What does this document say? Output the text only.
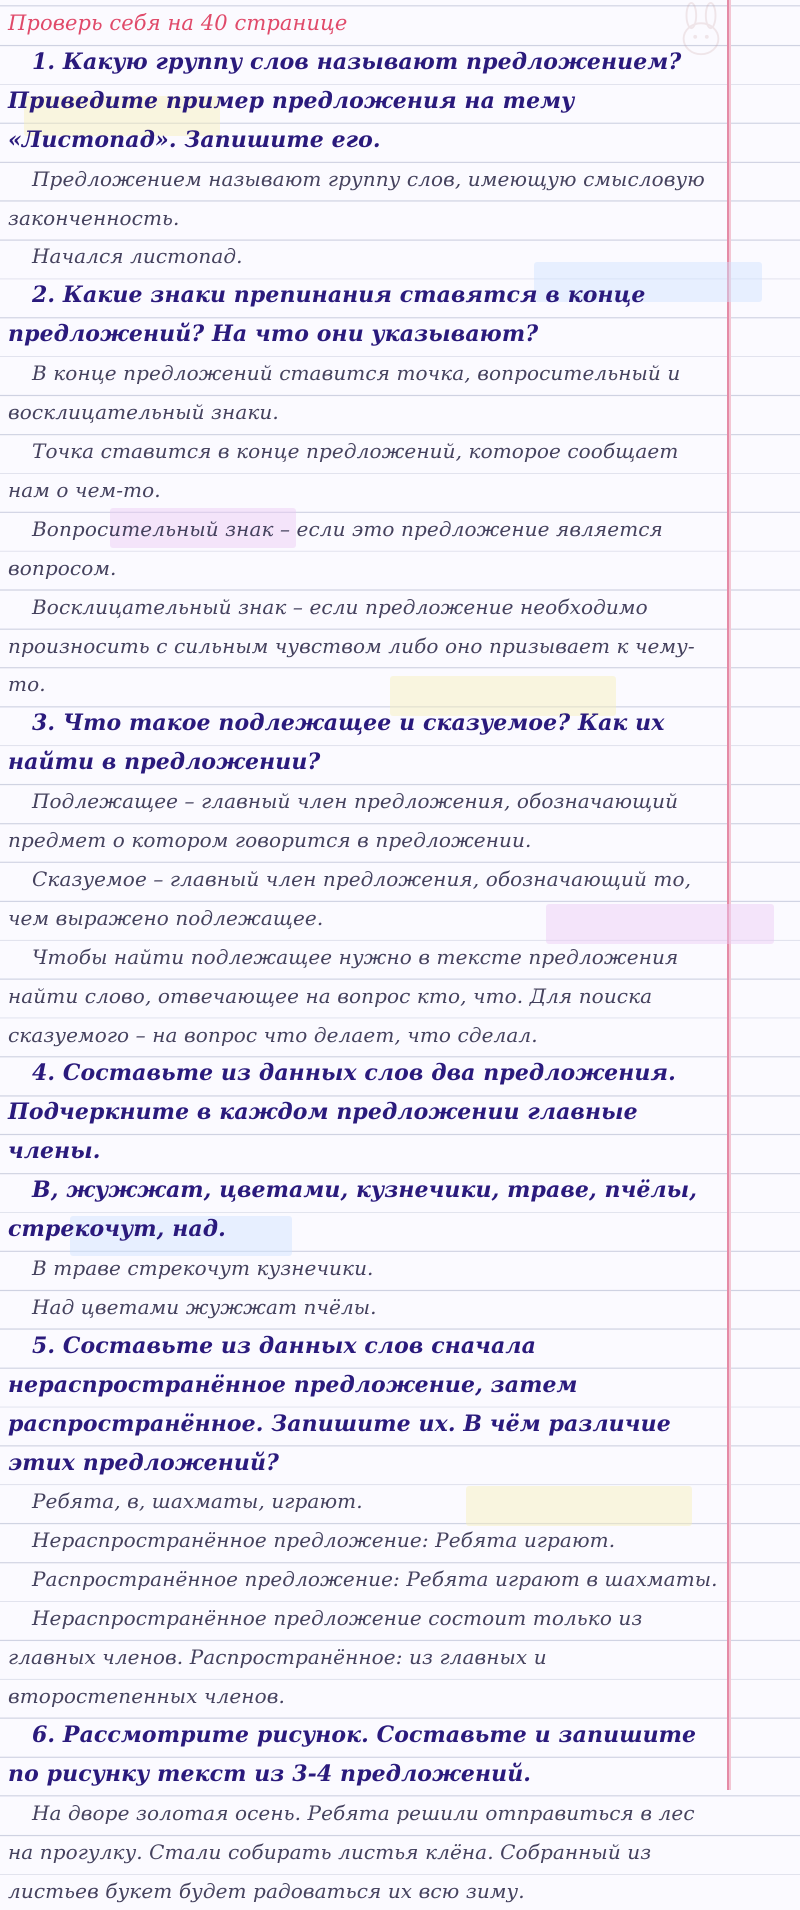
Проверь себя на 40 странице

1. Какую группу слов называют предложением? Приведите пример предложения на тему «Листопад». Запишите его.

Предложением называют группу слов, имеющую смысловую законченность.

Начался листопад.

2. Какие знаки препинания ставятся в конце предложений? На что они указывают?

В конце предложений ставится точка, вопросительный и восклицательный знаки.

Точка ставится в конце предложений, которое сообщает нам о чем-то.

Вопросительный знак – если это предложение является вопросом.

Восклицательный знак – если предложение необходимо произносить с сильным чувством либо оно призывает к чему-то.

3. Что такое подлежащее и сказуемое? Как их найти в предложении?

Подлежащее – главный член предложения, обозначающий предмет о котором говорится в предложении.

Сказуемое – главный член предложения, обозначающий то, чем выражено подлежащее.

Чтобы найти подлежащее нужно в тексте предложения найти слово, отвечающее на вопрос кто, что. Для поиска сказуемого – на вопрос что делает, что сделал.

4. Составьте из данных слов два предложения. Подчеркните в каждом предложении главные члены.

В, жужжат, цветами, кузнечики, траве, пчёлы, стрекочут, над.

В траве стрекочут кузнечики.

Над цветами жужжат пчёлы.

5. Составьте из данных слов сначала нераспространённое предложение, затем распространённое. Запишите их. В чём различие этих предложений?

Ребята, в, шахматы, играют.

Нераспространённое предложение: Ребята играют.

Распространённое предложение: Ребята играют в шахматы.

Нераспространённое предложение состоит только из главных членов. Распространённое: из главных и второстепенных членов.

6. Рассмотрите рисунок. Составьте и запишите по рисунку текст из 3-4 предложений.

На дворе золотая осень. Ребята решили отправиться в лес на прогулку. Стали собирать листья клёна. Собранный из листьев букет будет радоваться их всю зиму.
